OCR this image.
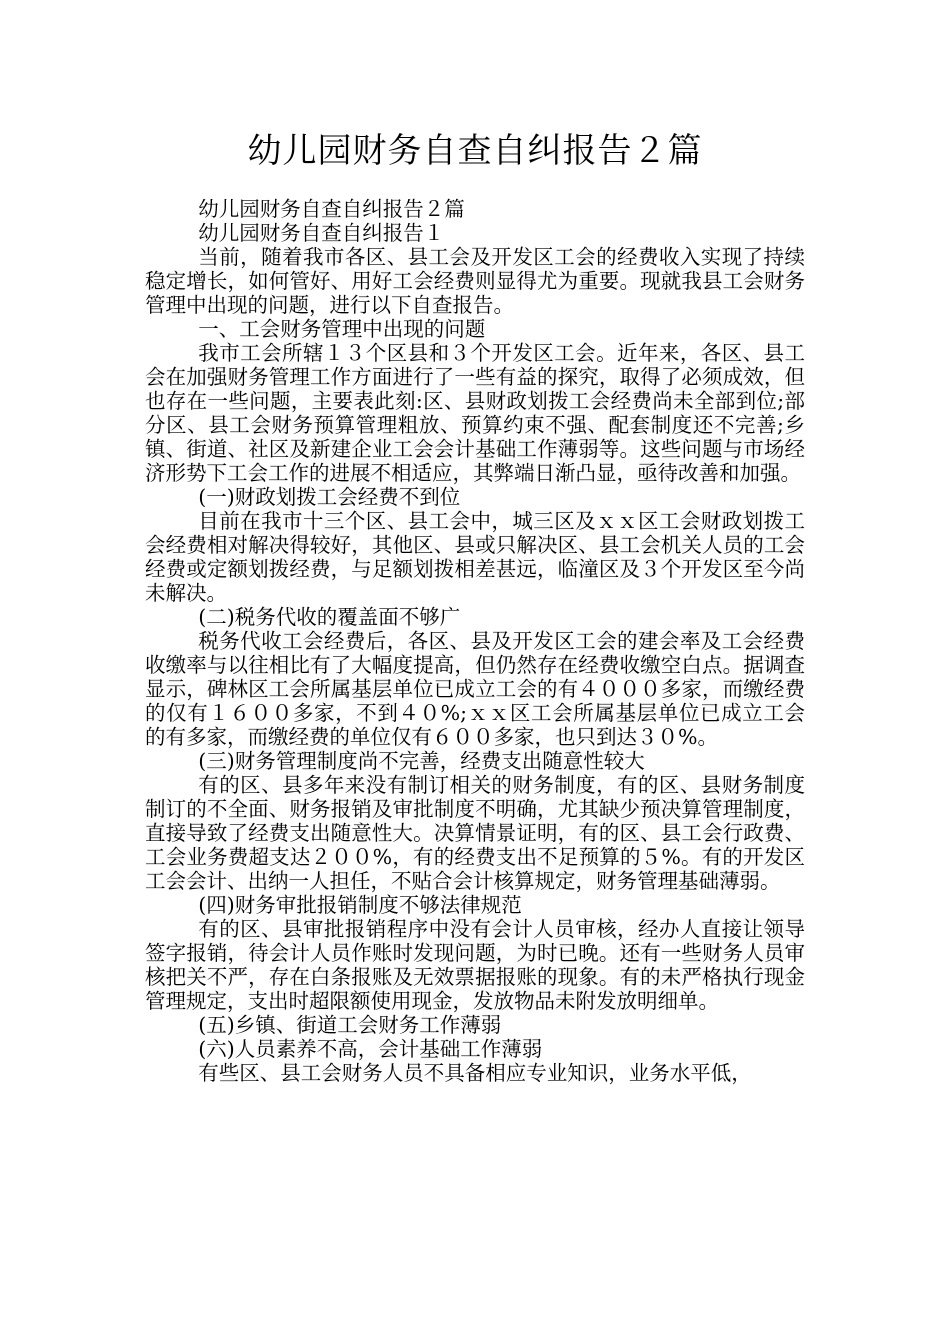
幼儿园财务自查自纠报告２篇

幼儿园财务自查自纠报告２篇

幼儿园财务自查自纠报告１

当前，随着我市各区、县工会及开发区工会的经费收入实现了持续稳定增长，如何管好、用好工会经费则显得尤为重要。现就我县工会财务管理中出现的问题，进行以下自查报告。

一、工会财务管理中出现的问题

我市工会所辖１３个区县和３个开发区工会。近年来，各区、县工会在加强财务管理工作方面进行了一些有益的探究，取得了必须成效，但也存在一些问题，主要表此刻:区、县财政划拨工会经费尚未全部到位;部分区、县工会财务预算管理粗放、预算约束不强、配套制度还不完善;乡镇、街道、社区及新建企业工会会计基础工作薄弱等。这些问题与市场经济形势下工会工作的进展不相适应，其弊端日渐凸显，亟待改善和加强。

(一)财政划拨工会经费不到位

目前在我市十三个区、县工会中，城三区及ｘｘ区工会财政划拨工会经费相对解决得较好，其他区、县或只解决区、县工会机关人员的工会经费或定额划拨经费，与足额划拨相差甚远，临潼区及３个开发区至今尚未解决。

(二)税务代收的覆盖面不够广

税务代收工会经费后，各区、县及开发区工会的建会率及工会经费收缴率与以往相比有了大幅度提高，但仍然存在经费收缴空白点。据调查显示，碑林区工会所属基层单位已成立工会的有４０００多家，而缴经费的仅有１６００多家，不到４０%;ｘｘ区工会所属基层单位已成立工会的有多家，而缴经费的单位仅有６００多家，也只到达３０%。

(三)财务管理制度尚不完善，经费支出随意性较大

有的区、县多年来没有制订相关的财务制度，有的区、县财务制度制订的不全面、财务报销及审批制度不明确，尤其缺少预决算管理制度，直接导致了经费支出随意性大。决算情景证明，有的区、县工会行政费、工会业务费超支达２００%，有的经费支出不足预算的５%。有的开发区工会会计、出纳一人担任，不贴合会计核算规定，财务管理基础薄弱。

(四)财务审批报销制度不够法律规范

有的区、县审批报销程序中没有会计人员审核，经办人直接让领导签字报销，待会计人员作账时发现问题，为时已晚。还有一些财务人员审核把关不严，存在白条报账及无效票据报账的现象。有的未严格执行现金管理规定，支出时超限额使用现金，发放物品未附发放明细单。

(五)乡镇、街道工会财务工作薄弱

(六)人员素养不高，会计基础工作薄弱

有些区、县工会财务人员不具备相应专业知识，业务水平低，
